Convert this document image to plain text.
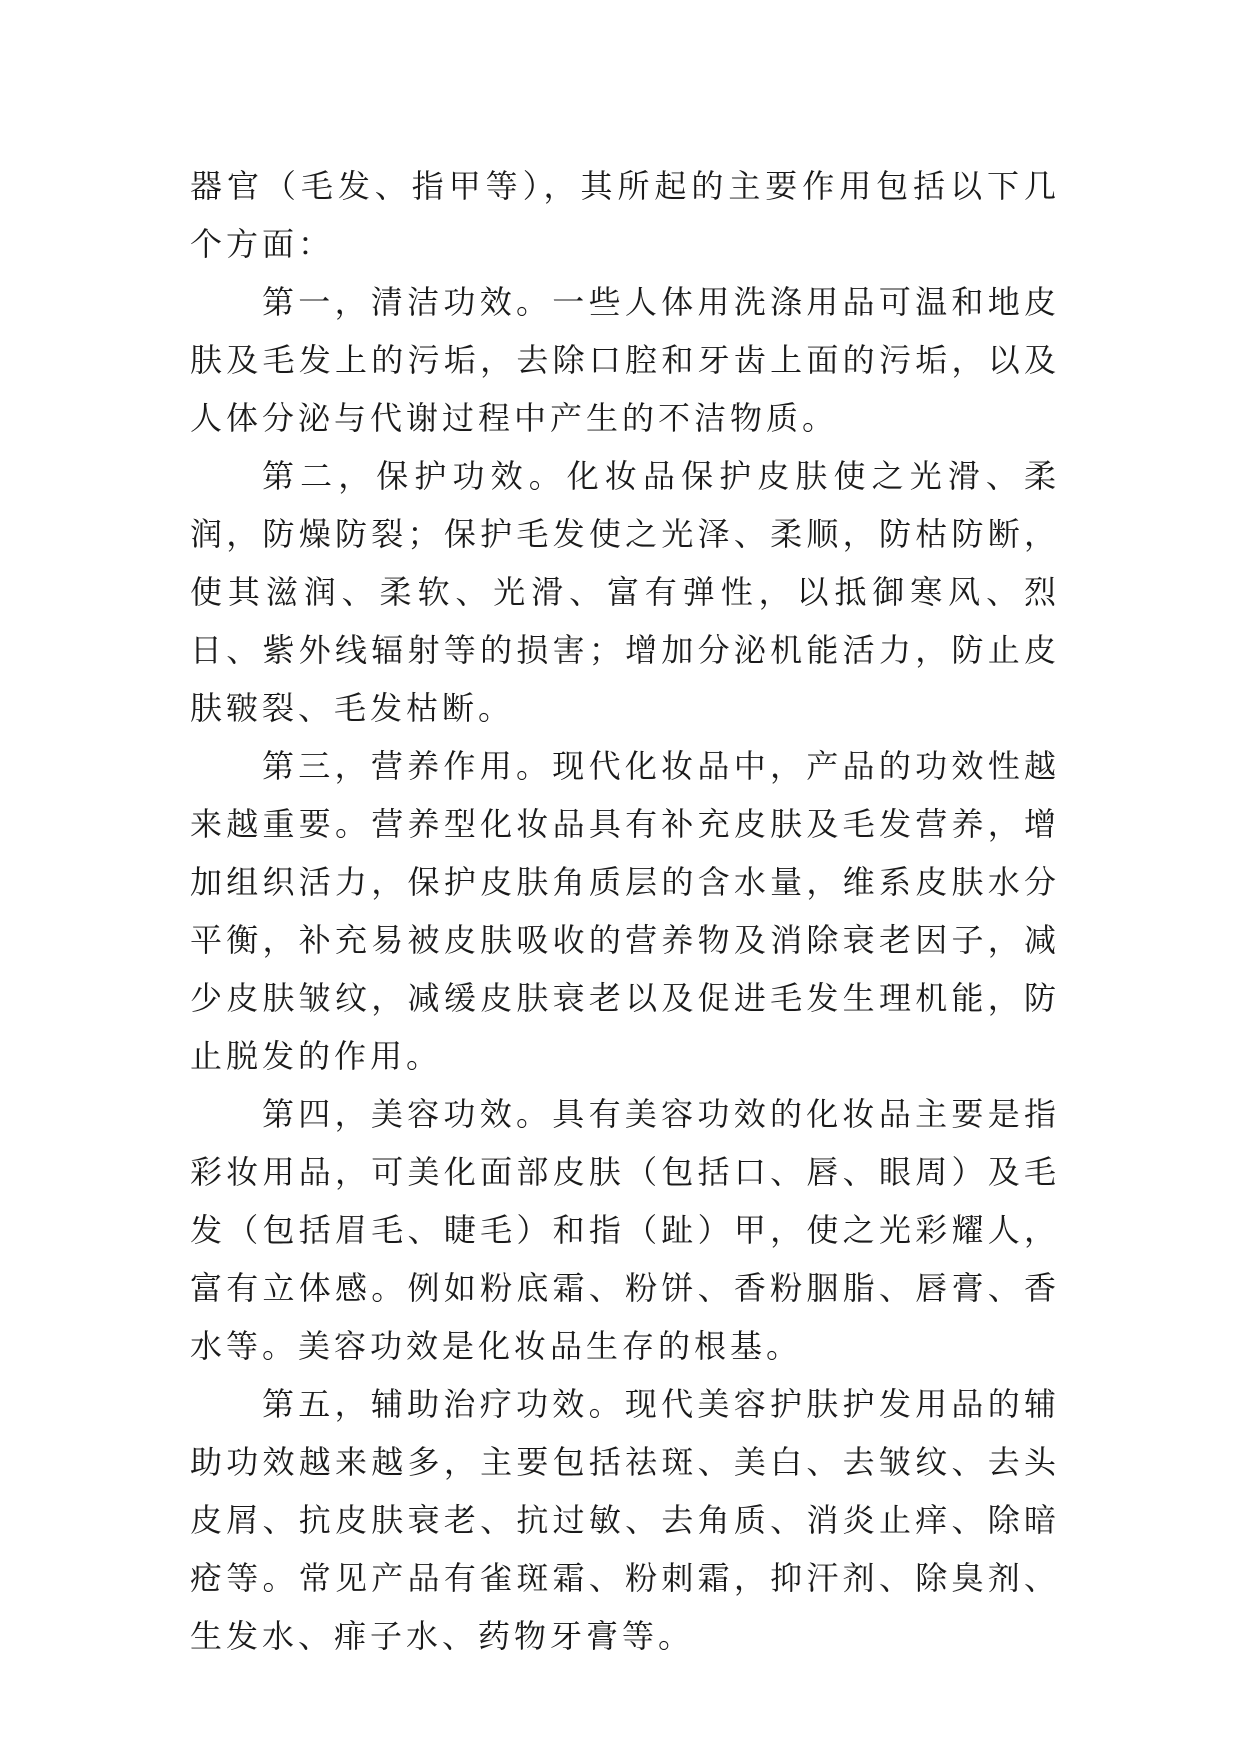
器官（毛发、指甲等），其所起的主要作用包括以下几个方面：

第一，清洁功效。一些人体用洗涤用品可温和地皮肤及毛发上的污垢，去除口腔和牙齿上面的污垢，以及人体分泌与代谢过程中产生的不洁物质。

第二，保护功效。化妆品保护皮肤使之光滑、柔润，防燥防裂；保护毛发使之光泽、柔顺，防枯防断，使其滋润、柔软、光滑、富有弹性，以抵御寒风、烈日、紫外线辐射等的损害；增加分泌机能活力，防止皮肤皲裂、毛发枯断。

第三，营养作用。现代化妆品中，产品的功效性越来越重要。营养型化妆品具有补充皮肤及毛发营养，增加组织活力，保护皮肤角质层的含水量，维系皮肤水分平衡，补充易被皮肤吸收的营养物及消除衰老因子，减少皮肤皱纹，减缓皮肤衰老以及促进毛发生理机能，防止脱发的作用。

第四，美容功效。具有美容功效的化妆品主要是指彩妆用品，可美化面部皮肤（包括口、唇、眼周）及毛发（包括眉毛、睫毛）和指（趾）甲，使之光彩耀人，富有立体感。例如粉底霜、粉饼、香粉胭脂、唇膏、香水等。美容功效是化妆品生存的根基。

第五，辅助治疗功效。现代美容护肤护发用品的辅助功效越来越多，主要包括祛斑、美白、去皱纹、去头皮屑、抗皮肤衰老、抗过敏、去角质、消炎止痒、除暗疮等。常见产品有雀斑霜、粉刺霜，抑汗剂、除臭剂、生发水、痱子水、药物牙膏等。
